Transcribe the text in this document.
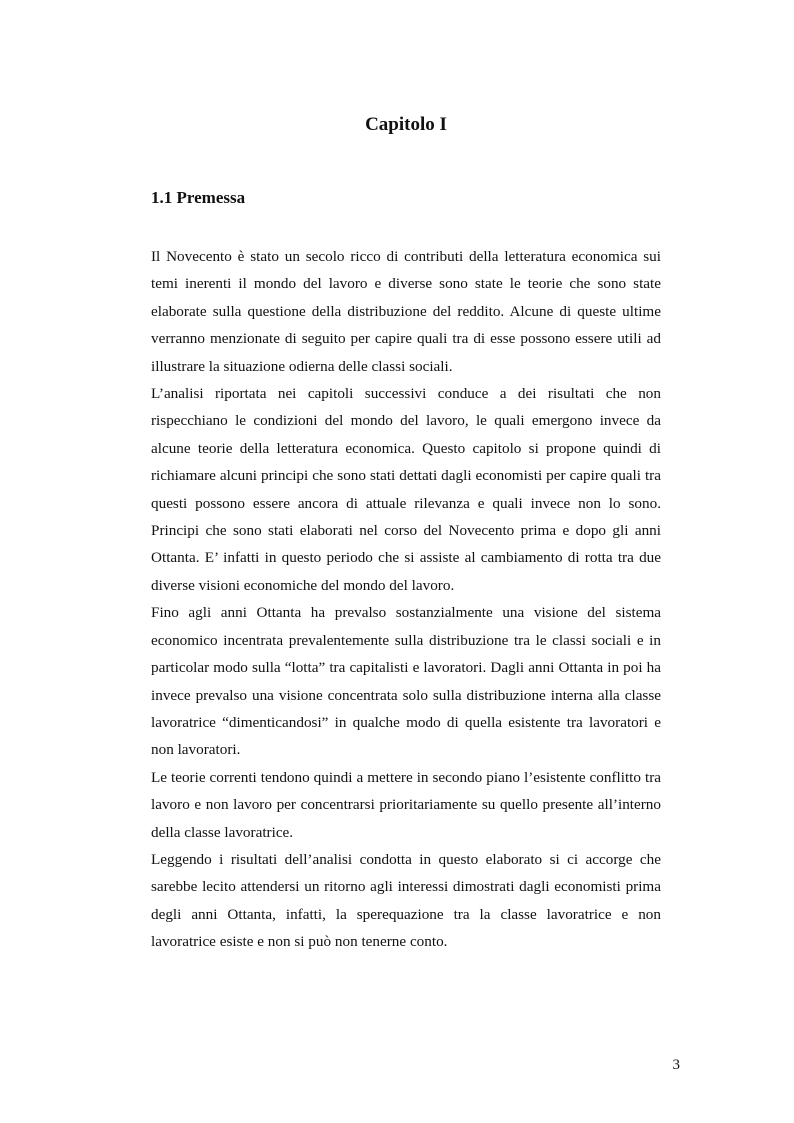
Capitolo I
1.1 Premessa

Il Novecento è stato un secolo ricco di contributi della letteratura economica sui temi inerenti il mondo del lavoro e diverse sono state le teorie che sono state elaborate sulla questione della distribuzione del reddito. Alcune di queste ultime verranno menzionate di seguito per capire quali tra di esse possono essere utili ad illustrare la situazione odierna delle classi sociali.

L’analisi riportata nei capitoli successivi conduce a dei risultati che non rispecchiano le condizioni del mondo del lavoro, le quali emergono invece da alcune teorie della letteratura economica. Questo capitolo si propone quindi di richiamare alcuni principi che sono stati dettati dagli economisti per capire quali tra questi possono essere ancora di attuale rilevanza e quali invece non lo sono. Principi che sono stati elaborati nel corso del Novecento prima e dopo gli anni Ottanta. E’ infatti in questo periodo che si assiste al cambiamento di rotta tra due diverse visioni economiche del mondo del lavoro.

Fino agli anni Ottanta ha prevalso sostanzialmente una visione del sistema economico incentrata prevalentemente sulla distribuzione tra le classi sociali e in particolar modo sulla “lotta” tra capitalisti e lavoratori. Dagli anni Ottanta in poi ha invece prevalso una visione concentrata solo sulla distribuzione interna alla classe lavoratrice “dimenticandosi” in qualche modo di quella esistente tra lavoratori e non lavoratori.

Le teorie correnti tendono quindi a mettere in secondo piano l’esistente conflitto tra lavoro e non lavoro per concentrarsi prioritariamente su quello presente all’interno della classe lavoratrice.

Leggendo i risultati dell’analisi condotta in questo elaborato si ci accorge che sarebbe lecito attendersi un ritorno agli interessi dimostrati dagli economisti prima degli anni Ottanta, infatti, la sperequazione tra la classe lavoratrice e non lavoratrice esiste e non si può non tenerne conto.

3
